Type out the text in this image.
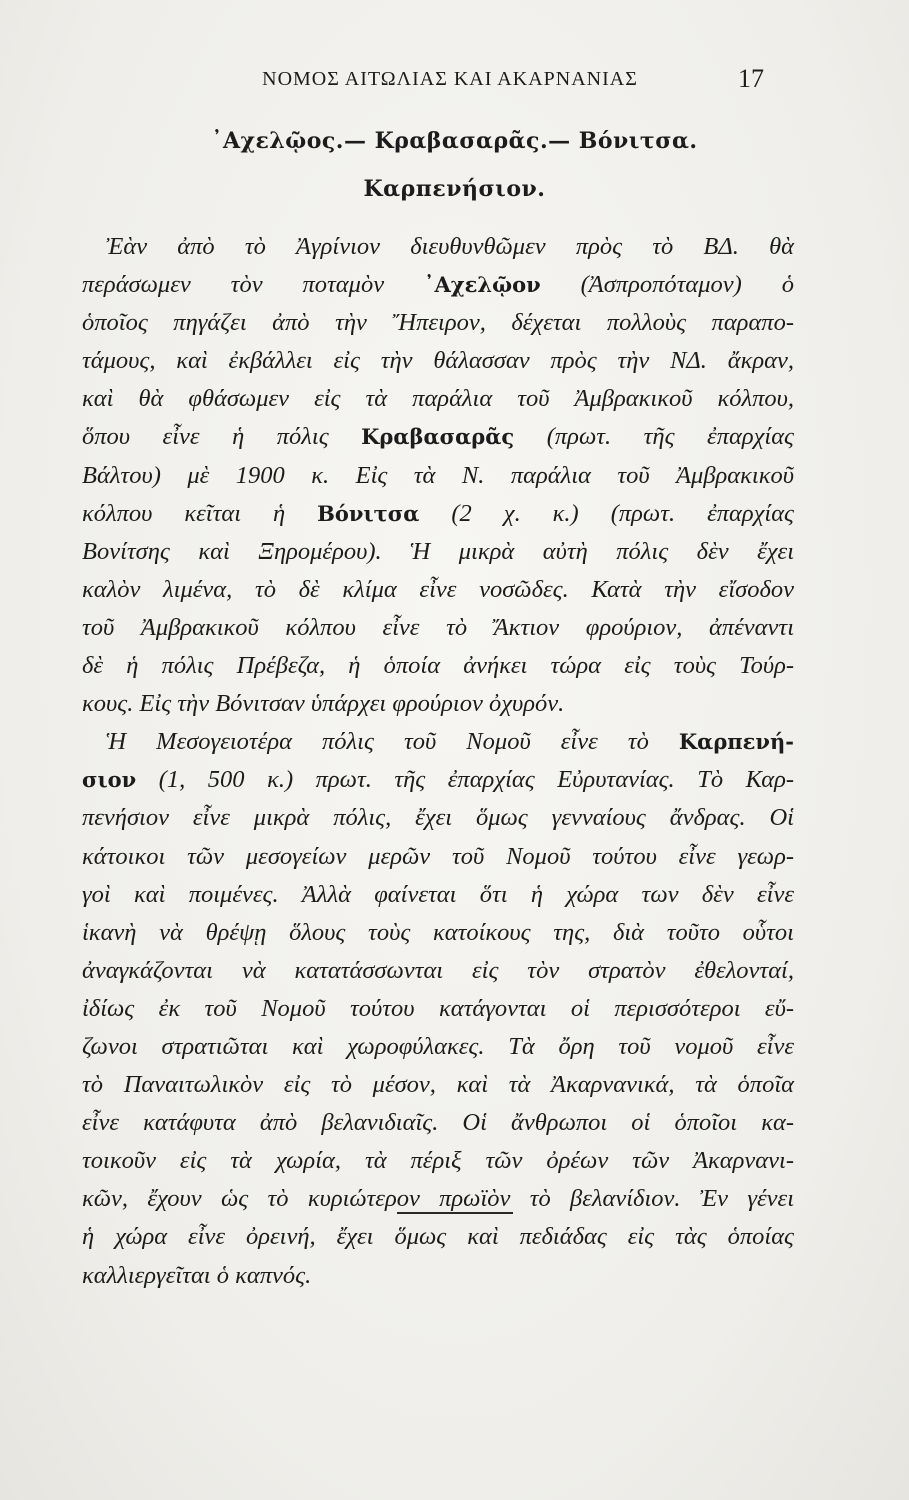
ΝΟΜΟΣ ΑΙΤΩΛΙΑΣ ΚΑΙ ΑΚΑΡΝΑΝΙΑΣ	17
᾿Αχελῷος.— Κραβασαρᾶς.— Βόνιτσα.
Καρπενήσιον.
Ἐὰν ἀπὸ τὸ Ἀγρίνιον διευθυνθῶμεν πρὸς τὸ ΒΔ. θὰ
περάσωμεν τὸν ποταμὸν ᾿Αχελῷον (Ἀσπροπόταμον) ὁ
ὁποῖος πηγάζει ἀπὸ τὴν Ἤπειρον, δέχεται πολλοὺς παραπο-
τάμους, καὶ ἐκβάλλει εἰς τὴν θάλασσαν πρὸς τὴν ΝΔ. ἄκραν,
καὶ θὰ φθάσωμεν εἰς τὰ παράλια τοῦ Ἀμβρακικοῦ κόλπου,
ὅπου εἶνε ἡ πόλις Κραβασαρᾶς (πρωτ. τῆς ἐπαρχίας
Βάλτου) μὲ 1900 κ. Εἰς τὰ Ν. παράλια τοῦ Ἀμβρακικοῦ
κόλπου κεῖται ἡ Βόνιτσα (2 χ. κ.) (πρωτ. ἐπαρχίας
Βονίτσης καὶ Ξηρομέρου). Ἡ μικρὰ αὐτὴ πόλις δὲν ἔχει
καλὸν λιμένα, τὸ δὲ κλίμα εἶνε νοσῶδες. Κατὰ τὴν εἴσοδον
τοῦ Ἀμβρακικοῦ κόλπου εἶνε τὸ Ἄκτιον φρούριον, ἀπέναντι
δὲ ἡ πόλις Πρέβεζα, ἡ ὁποία ἀνήκει τώρα εἰς τοὺς Τούρ-
κους. Εἰς τὴν Βόνιτσαν ὑπάρχει φρούριον ὀχυρόν.
Ἡ Μεσογειοτέρα πόλις τοῦ Νομοῦ εἶνε τὸ Καρπενή-
σιον (1, 500 κ.) πρωτ. τῆς ἐπαρχίας Εὐρυτανίας. Τὸ Καρ-
πενήσιον εἶνε μικρὰ πόλις, ἔχει ὅμως γενναίους ἄνδρας. Οἱ
κάτοικοι τῶν μεσογείων μερῶν τοῦ Νομοῦ τούτου εἶνε γεωρ-
γοὶ καὶ ποιμένες. Ἀλλὰ φαίνεται ὅτι ἡ χώρα των δὲν εἶνε
ἱκανὴ νὰ θρέψῃ ὅλους τοὺς κατοίκους της, διὰ τοῦτο οὗτοι
ἀναγκάζονται νὰ κατατάσσωνται εἰς τὸν στρατὸν ἐθελονταί,
ἰδίως ἐκ τοῦ Νομοῦ τούτου κατάγονται οἱ περισσότεροι εὔ-
ζωνοι στρατιῶται καὶ χωροφύλακες. Τὰ ὄρη τοῦ νομοῦ εἶνε
τὸ Παναιτωλικὸν εἰς τὸ μέσον, καὶ τὰ Ἀκαρνανικά, τὰ ὁποῖα
εἶνε κατάφυτα ἀπὸ βελανιδιαῖς. Οἱ ἄνθρωποι οἱ ὁποῖοι κα-
τοικοῦν εἰς τὰ χωρία, τὰ πέριξ τῶν ὀρέων τῶν Ἀκαρνανι-
κῶν, ἔχουν ὡς τὸ κυριώτερον πρωϊὸν τὸ βελανίδιον. Ἐν γένει
ἡ χώρα εἶνε ὀρεινή, ἔχει ὅμως καὶ πεδιάδας εἰς τὰς ὁποίας
καλλιεργεῖται ὁ καπνός.
